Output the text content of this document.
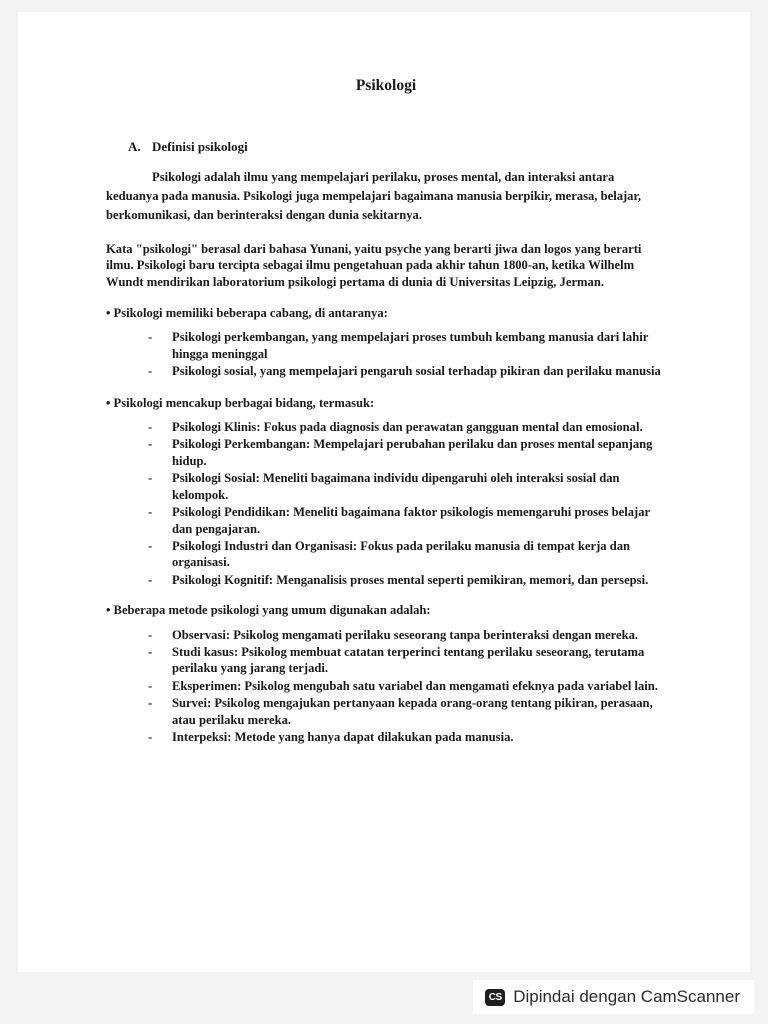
Psikologi
A. Definisi psikologi
Psikologi adalah ilmu yang mempelajari perilaku, proses mental, dan interaksi antara keduanya pada manusia. Psikologi juga mempelajari bagaimana manusia berpikir, merasa, belajar, berkomunikasi, dan berinteraksi dengan dunia sekitarnya.
Kata "psikologi" berasal dari bahasa Yunani, yaitu psyche yang berarti jiwa dan logos yang berarti ilmu. Psikologi baru tercipta sebagai ilmu pengetahuan pada akhir tahun 1800-an, ketika Wilhelm Wundt mendirikan laboratorium psikologi pertama di dunia di Universitas Leipzig, Jerman.
• Psikologi memiliki beberapa cabang, di antaranya:
- Psikologi perkembangan, yang mempelajari proses tumbuh kembang manusia dari lahir hingga meninggal
- Psikologi sosial, yang mempelajari pengaruh sosial terhadap pikiran dan perilaku manusia
• Psikologi mencakup berbagai bidang, termasuk:
- Psikologi Klinis: Fokus pada diagnosis dan perawatan gangguan mental dan emosional.
- Psikologi Perkembangan: Mempelajari perubahan perilaku dan proses mental sepanjang hidup.
- Psikologi Sosial: Meneliti bagaimana individu dipengaruhi oleh interaksi sosial dan kelompok.
- Psikologi Pendidikan: Meneliti bagaimana faktor psikologis memengaruhi proses belajar dan pengajaran.
- Psikologi Industri dan Organisasi: Fokus pada perilaku manusia di tempat kerja dan organisasi.
- Psikologi Kognitif: Menganalisis proses mental seperti pemikiran, memori, dan persepsi.
• Beberapa metode psikologi yang umum digunakan adalah:
- Observasi: Psikolog mengamati perilaku seseorang tanpa berinteraksi dengan mereka.
- Studi kasus: Psikolog membuat catatan terperinci tentang perilaku seseorang, terutama perilaku yang jarang terjadi.
- Eksperimen: Psikolog mengubah satu variabel dan mengamati efeknya pada variabel lain.
- Survei: Psikolog mengajukan pertanyaan kepada orang-orang tentang pikiran, perasaan, atau perilaku mereka.
- Interpeksi: Metode yang hanya dapat dilakukan pada manusia.
CS Dipindai dengan CamScanner
